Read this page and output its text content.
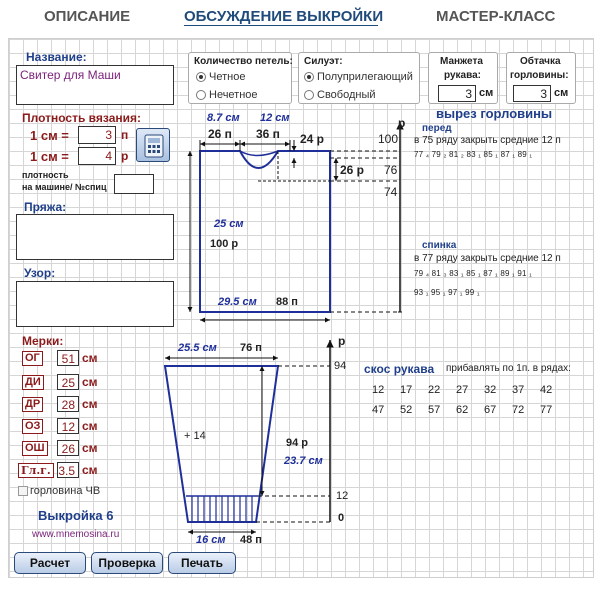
ОПИСАНИЕ	ОБСУЖДЕНИЕ ВЫКРОЙКИ	МАСТЕР-КЛАСС
Название:
Свитер для Маши
Плотность вязания:
1 см =	3 п
1 см =	4 р
плотность
на машине/ №спиц
Пряжа:
Узор:
Мерки:
ОГ	51 см
ДИ	25 см
ДР	28 см
ОЗ	12 см
ОШ	26 см
Гл.г. 3.5 см
горловина ЧВ
Выкройка 6
www.mnemosina.ru
Количество петель:
Четное
Нечетное
Силуэт:
Полуприлегающий
Свободный
Манжета
рукава:
3 см
Обтачка
горловины:
3 см
8.7 см 12 см
26 п 36 п 24 р	100
р
26 р 76
74
25 см
100 р
29.5 см 88 п
вырез горловины
перед
в 75 ряду закрыть средние 12 п
77 ₄ 79 ₂ 81 ₂ 83 ₁ 85 ₁ 87 ₁ 89 ₁
спинка
в 77 ряду закрыть средние 12 п
79 ₄ 81 ₃ 83 ₁ 85 ₁ 87 ₁ 89 ₁ 91 ₁
93 ₁ 95 ₁ 97 ₁ 99 ₁
25.5 см 76 п
+ 14
94 р
23.7 см
16 см 48 п
р
94
12
0
скос рукава прибавлять по 1п. в рядах:
12	17	22	27	32	37	42
47	52	57	62	67	72	77
Расчет	Проверка	Печать
